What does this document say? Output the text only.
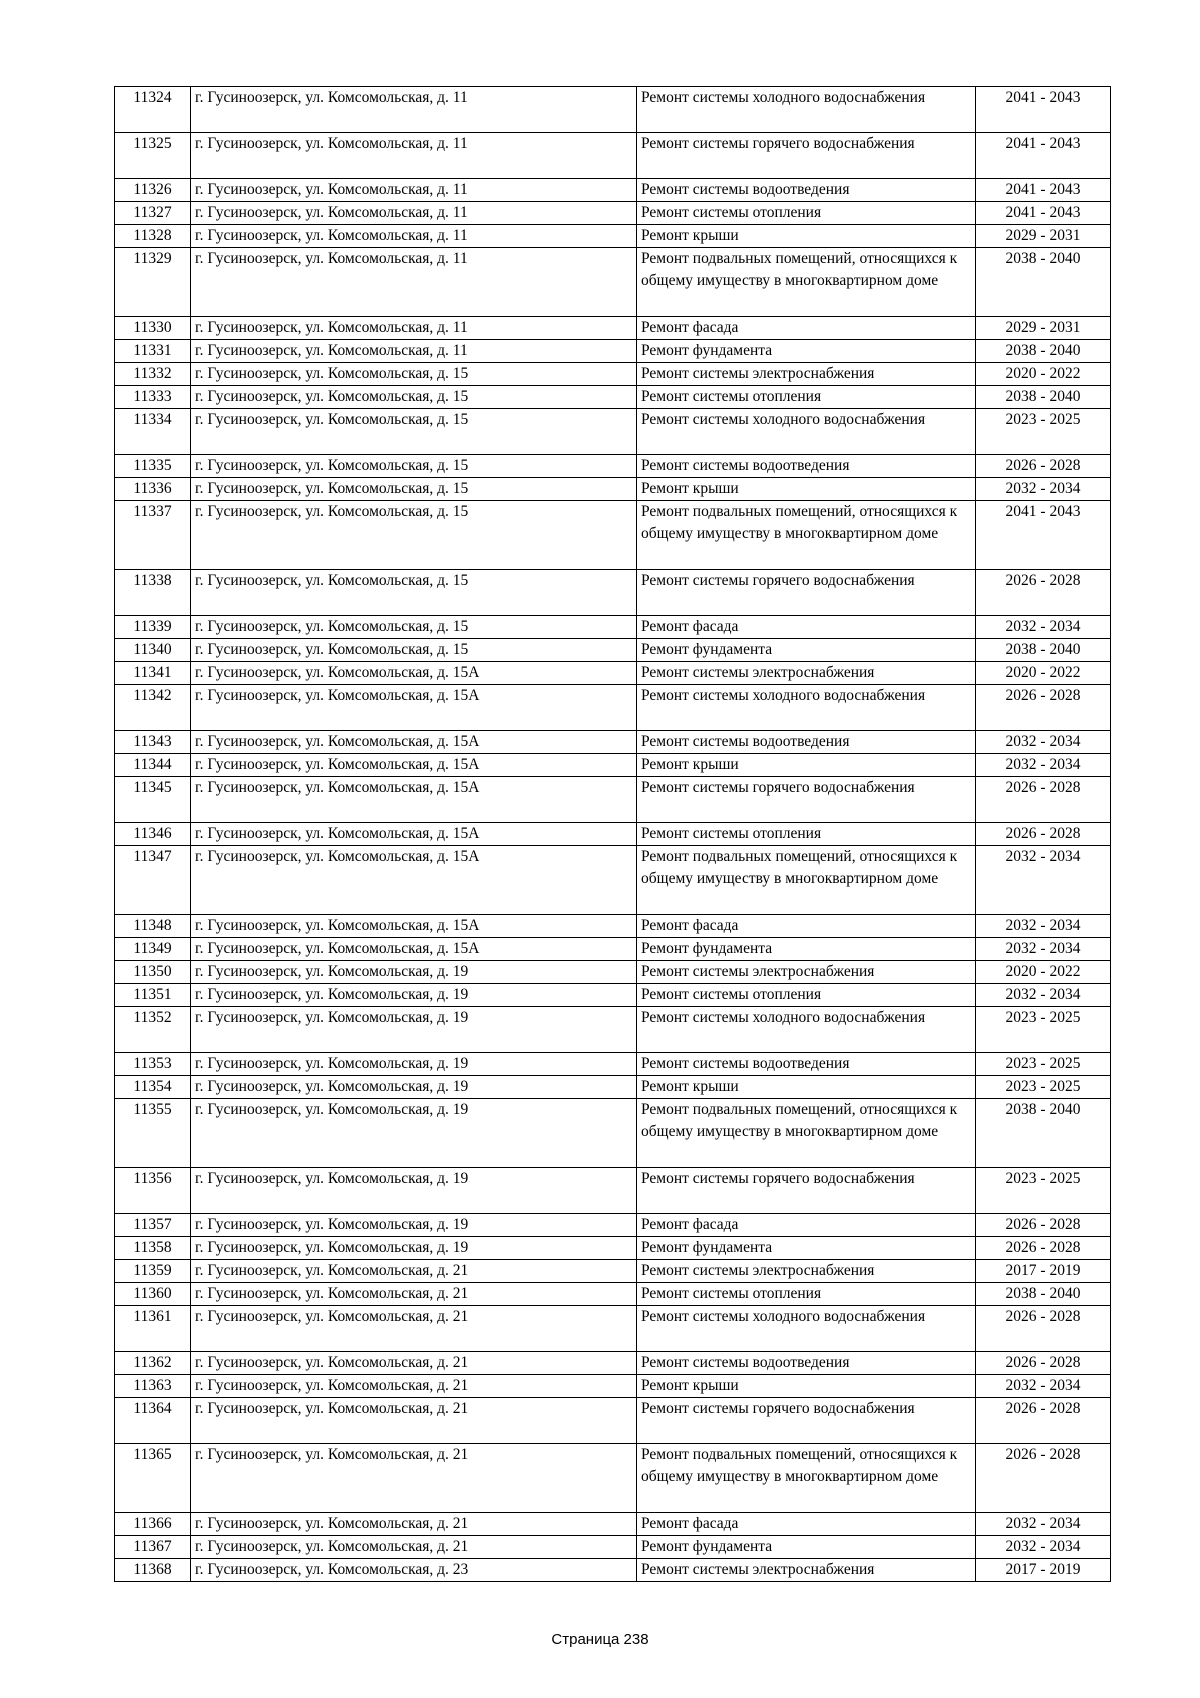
11324	г. Гусиноозерск, ул. Комсомольская, д. 11	Ремонт системы холодного водоснабжения	2041 - 2043
11325	г. Гусиноозерск, ул. Комсомольская, д. 11	Ремонт системы горячего водоснабжения	2041 - 2043
11326	г. Гусиноозерск, ул. Комсомольская, д. 11	Ремонт системы водоотведения	2041 - 2043
11327	г. Гусиноозерск, ул. Комсомольская, д. 11	Ремонт системы отопления	2041 - 2043
11328	г. Гусиноозерск, ул. Комсомольская, д. 11	Ремонт крыши	2029 - 2031
11329	г. Гусиноозерск, ул. Комсомольская, д. 11	Ремонт подвальных помещений, относящихся к общему имуществу в многоквартирном доме	2038 - 2040
11330	г. Гусиноозерск, ул. Комсомольская, д. 11	Ремонт фасада	2029 - 2031
11331	г. Гусиноозерск, ул. Комсомольская, д. 11	Ремонт фундамента	2038 - 2040
11332	г. Гусиноозерск, ул. Комсомольская, д. 15	Ремонт системы электроснабжения	2020 - 2022
11333	г. Гусиноозерск, ул. Комсомольская, д. 15	Ремонт системы отопления	2038 - 2040
11334	г. Гусиноозерск, ул. Комсомольская, д. 15	Ремонт системы холодного водоснабжения	2023 - 2025
11335	г. Гусиноозерск, ул. Комсомольская, д. 15	Ремонт системы водоотведения	2026 - 2028
11336	г. Гусиноозерск, ул. Комсомольская, д. 15	Ремонт крыши	2032 - 2034
11337	г. Гусиноозерск, ул. Комсомольская, д. 15	Ремонт подвальных помещений, относящихся к общему имуществу в многоквартирном доме	2041 - 2043
11338	г. Гусиноозерск, ул. Комсомольская, д. 15	Ремонт системы горячего водоснабжения	2026 - 2028
11339	г. Гусиноозерск, ул. Комсомольская, д. 15	Ремонт фасада	2032 - 2034
11340	г. Гусиноозерск, ул. Комсомольская, д. 15	Ремонт фундамента	2038 - 2040
11341	г. Гусиноозерск, ул. Комсомольская, д. 15А	Ремонт системы электроснабжения	2020 - 2022
11342	г. Гусиноозерск, ул. Комсомольская, д. 15А	Ремонт системы холодного водоснабжения	2026 - 2028
11343	г. Гусиноозерск, ул. Комсомольская, д. 15А	Ремонт системы водоотведения	2032 - 2034
11344	г. Гусиноозерск, ул. Комсомольская, д. 15А	Ремонт крыши	2032 - 2034
11345	г. Гусиноозерск, ул. Комсомольская, д. 15А	Ремонт системы горячего водоснабжения	2026 - 2028
11346	г. Гусиноозерск, ул. Комсомольская, д. 15А	Ремонт системы отопления	2026 - 2028
11347	г. Гусиноозерск, ул. Комсомольская, д. 15А	Ремонт подвальных помещений, относящихся к общему имуществу в многоквартирном доме	2032 - 2034
11348	г. Гусиноозерск, ул. Комсомольская, д. 15А	Ремонт фасада	2032 - 2034
11349	г. Гусиноозерск, ул. Комсомольская, д. 15А	Ремонт фундамента	2032 - 2034
11350	г. Гусиноозерск, ул. Комсомольская, д. 19	Ремонт системы электроснабжения	2020 - 2022
11351	г. Гусиноозерск, ул. Комсомольская, д. 19	Ремонт системы отопления	2032 - 2034
11352	г. Гусиноозерск, ул. Комсомольская, д. 19	Ремонт системы холодного водоснабжения	2023 - 2025
11353	г. Гусиноозерск, ул. Комсомольская, д. 19	Ремонт системы водоотведения	2023 - 2025
11354	г. Гусиноозерск, ул. Комсомольская, д. 19	Ремонт крыши	2023 - 2025
11355	г. Гусиноозерск, ул. Комсомольская, д. 19	Ремонт подвальных помещений, относящихся к общему имуществу в многоквартирном доме	2038 - 2040
11356	г. Гусиноозерск, ул. Комсомольская, д. 19	Ремонт системы горячего водоснабжения	2023 - 2025
11357	г. Гусиноозерск, ул. Комсомольская, д. 19	Ремонт фасада	2026 - 2028
11358	г. Гусиноозерск, ул. Комсомольская, д. 19	Ремонт фундамента	2026 - 2028
11359	г. Гусиноозерск, ул. Комсомольская, д. 21	Ремонт системы электроснабжения	2017 - 2019
11360	г. Гусиноозерск, ул. Комсомольская, д. 21	Ремонт системы отопления	2038 - 2040
11361	г. Гусиноозерск, ул. Комсомольская, д. 21	Ремонт системы холодного водоснабжения	2026 - 2028
11362	г. Гусиноозерск, ул. Комсомольская, д. 21	Ремонт системы водоотведения	2026 - 2028
11363	г. Гусиноозерск, ул. Комсомольская, д. 21	Ремонт крыши	2032 - 2034
11364	г. Гусиноозерск, ул. Комсомольская, д. 21	Ремонт системы горячего водоснабжения	2026 - 2028
11365	г. Гусиноозерск, ул. Комсомольская, д. 21	Ремонт подвальных помещений, относящихся к общему имуществу в многоквартирном доме	2026 - 2028
11366	г. Гусиноозерск, ул. Комсомольская, д. 21	Ремонт фасада	2032 - 2034
11367	г. Гусиноозерск, ул. Комсомольская, д. 21	Ремонт фундамента	2032 - 2034
11368	г. Гусиноозерск, ул. Комсомольская, д. 23	Ремонт системы электроснабжения	2017 - 2019
Страница 238
